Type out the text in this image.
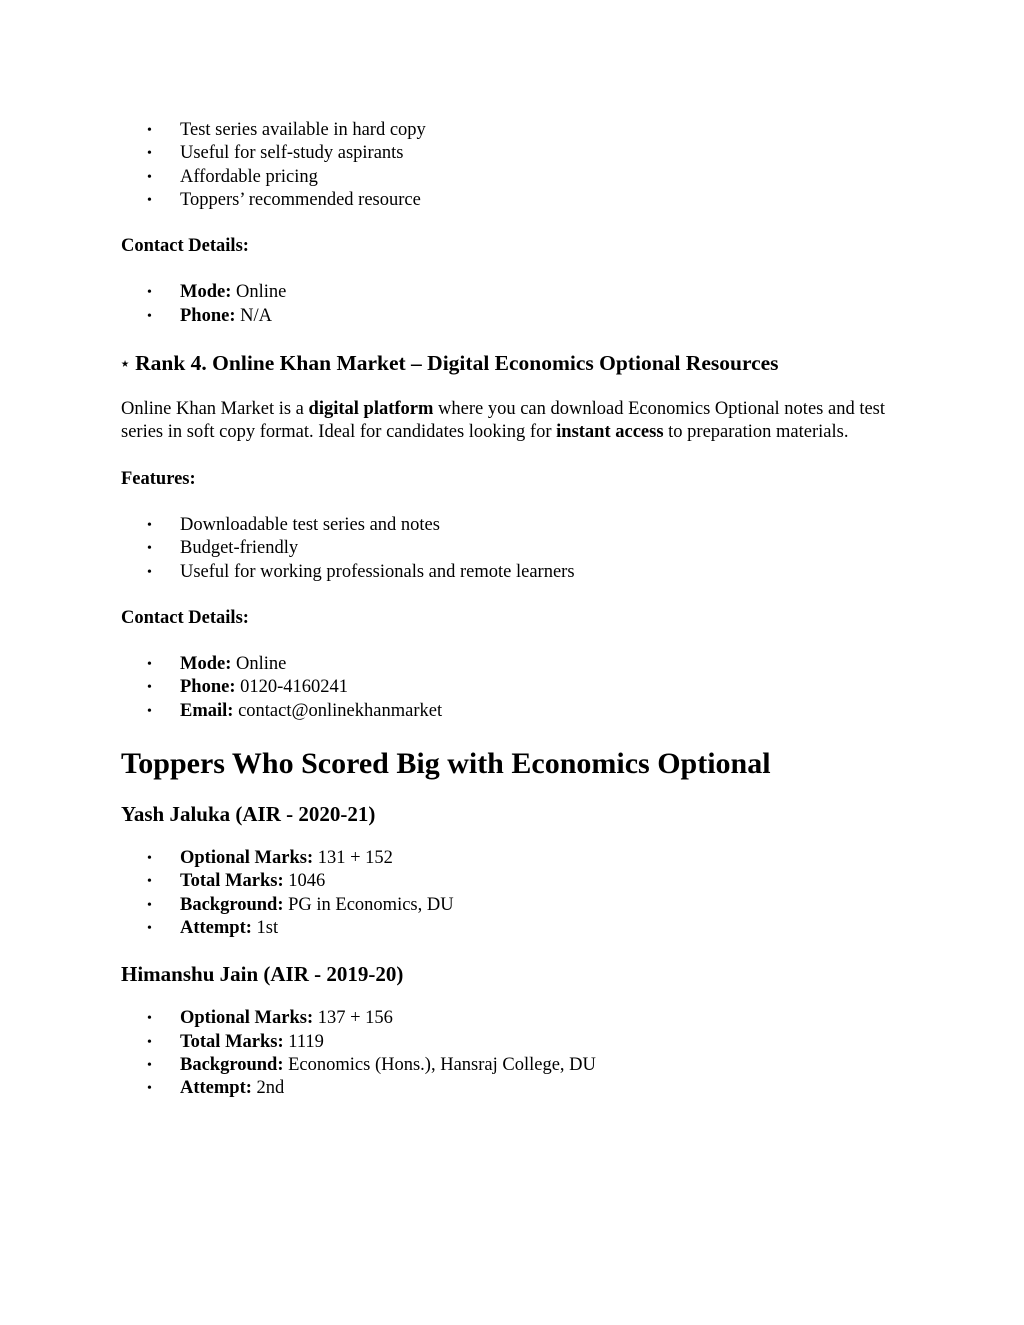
• Test series available in hard copy
• Useful for self-study aspirants
• Affordable pricing
• Toppers’ recommended resource

Contact Details:

• Mode: Online
• Phone: N/A

⭑ Rank 4. Online Khan Market – Digital Economics Optional Resources

Online Khan Market is a digital platform where you can download Economics Optional notes and test series in soft copy format. Ideal for candidates looking for instant access to preparation materials.

Features:

• Downloadable test series and notes
• Budget-friendly
• Useful for working professionals and remote learners

Contact Details:

• Mode: Online
• Phone: 0120-4160241
• Email: contact@onlinekhanmarket

Toppers Who Scored Big with Economics Optional

Yash Jaluka (AIR - 2020-21)

• Optional Marks: 131 + 152
• Total Marks: 1046
• Background: PG in Economics, DU
• Attempt: 1st

Himanshu Jain (AIR - 2019-20)

• Optional Marks: 137 + 156
• Total Marks: 1119
• Background: Economics (Hons.), Hansraj College, DU
• Attempt: 2nd
